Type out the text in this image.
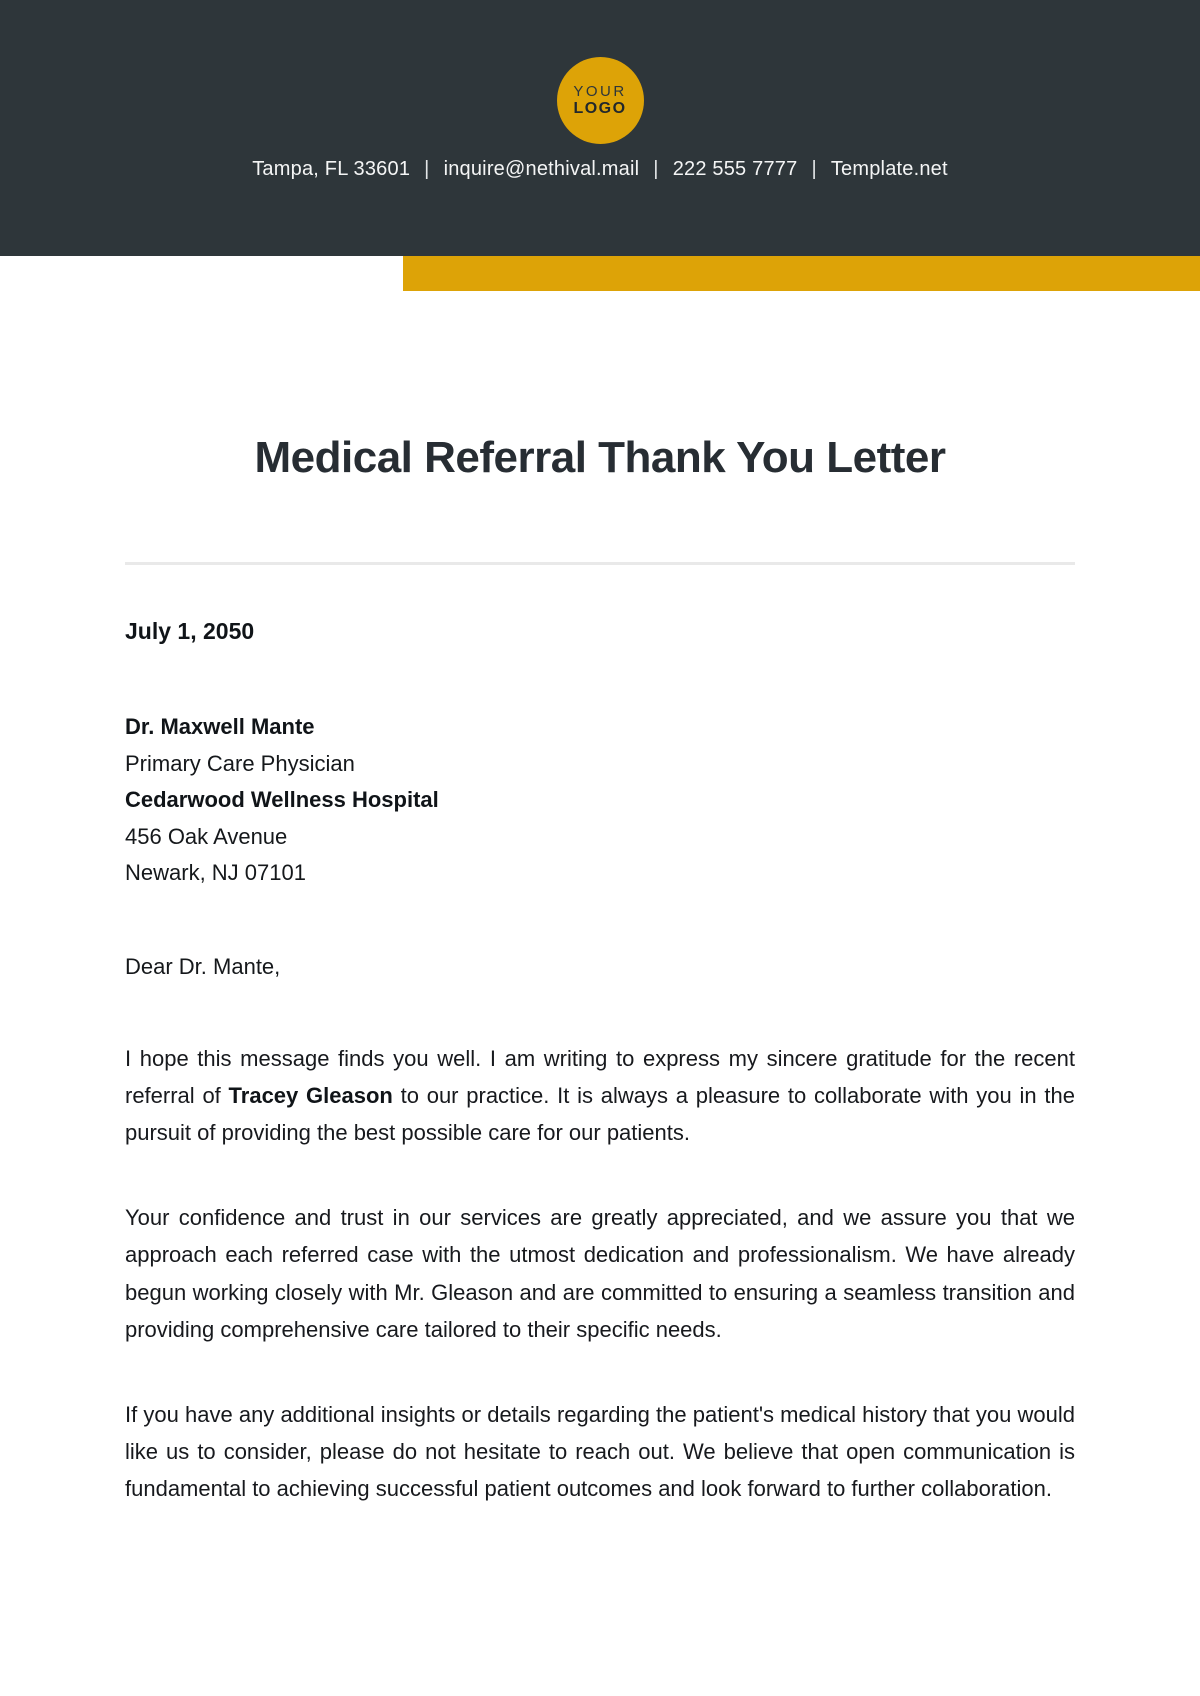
YOUR
LOGO
Tampa, FL 33601 | inquire@nethival.mail | 222 555 7777 | Template.net
Medical Referral Thank You Letter

July 1, 2050

Dr. Maxwell Mante
Primary Care Physician
Cedarwood Wellness Hospital
456 Oak Avenue
Newark, NJ 07101

Dear Dr. Mante,

I hope this message finds you well. I am writing to express my sincere gratitude for the recent referral of Tracey Gleason to our practice. It is always a pleasure to collaborate with you in the pursuit of providing the best possible care for our patients.

Your confidence and trust in our services are greatly appreciated, and we assure you that we approach each referred case with the utmost dedication and professionalism. We have already begun working closely with Mr. Gleason and are committed to ensuring a seamless transition and providing comprehensive care tailored to their specific needs.

If you have any additional insights or details regarding the patient's medical history that you would like us to consider, please do not hesitate to reach out. We believe that open communication is fundamental to achieving successful patient outcomes and look forward to further collaboration.
